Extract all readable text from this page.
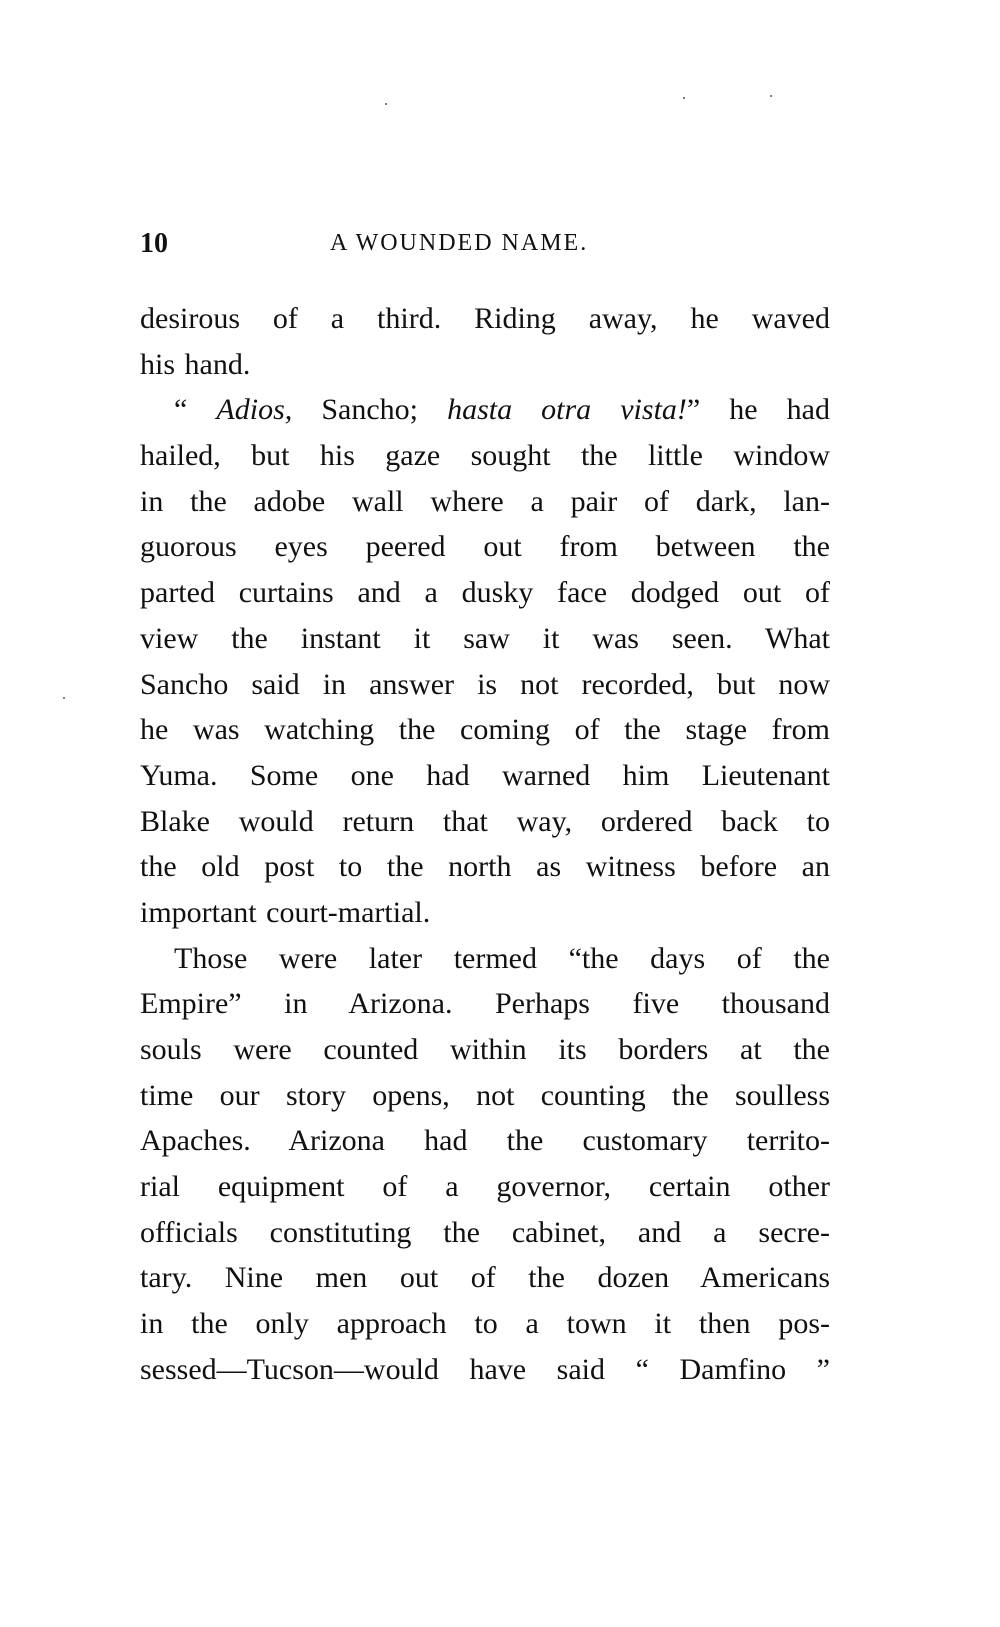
10	A WOUNDED NAME.
desirous of a third. Riding away, he waved
his hand.
“ Adios, Sancho; hasta otra vista!” he had
hailed, but his gaze sought the little window
in the adobe wall where a pair of dark, lan-
guorous eyes peered out from between the
parted curtains and a dusky face dodged out of
view the instant it saw it was seen. What
Sancho said in answer is not recorded, but now
he was watching the coming of the stage from
Yuma. Some one had warned him Lieutenant
Blake would return that way, ordered back to
the old post to the north as witness before an
important court-martial.
Those were later termed “the days of the
Empire” in Arizona. Perhaps five thousand
souls were counted within its borders at the
time our story opens, not counting the soulless
Apaches. Arizona had the customary territo-
rial equipment of a governor, certain other
officials constituting the cabinet, and a secre-
tary. Nine men out of the dozen Americans
in the only approach to a town it then pos-
sessed—Tucson—would have said “ Damfino ”
